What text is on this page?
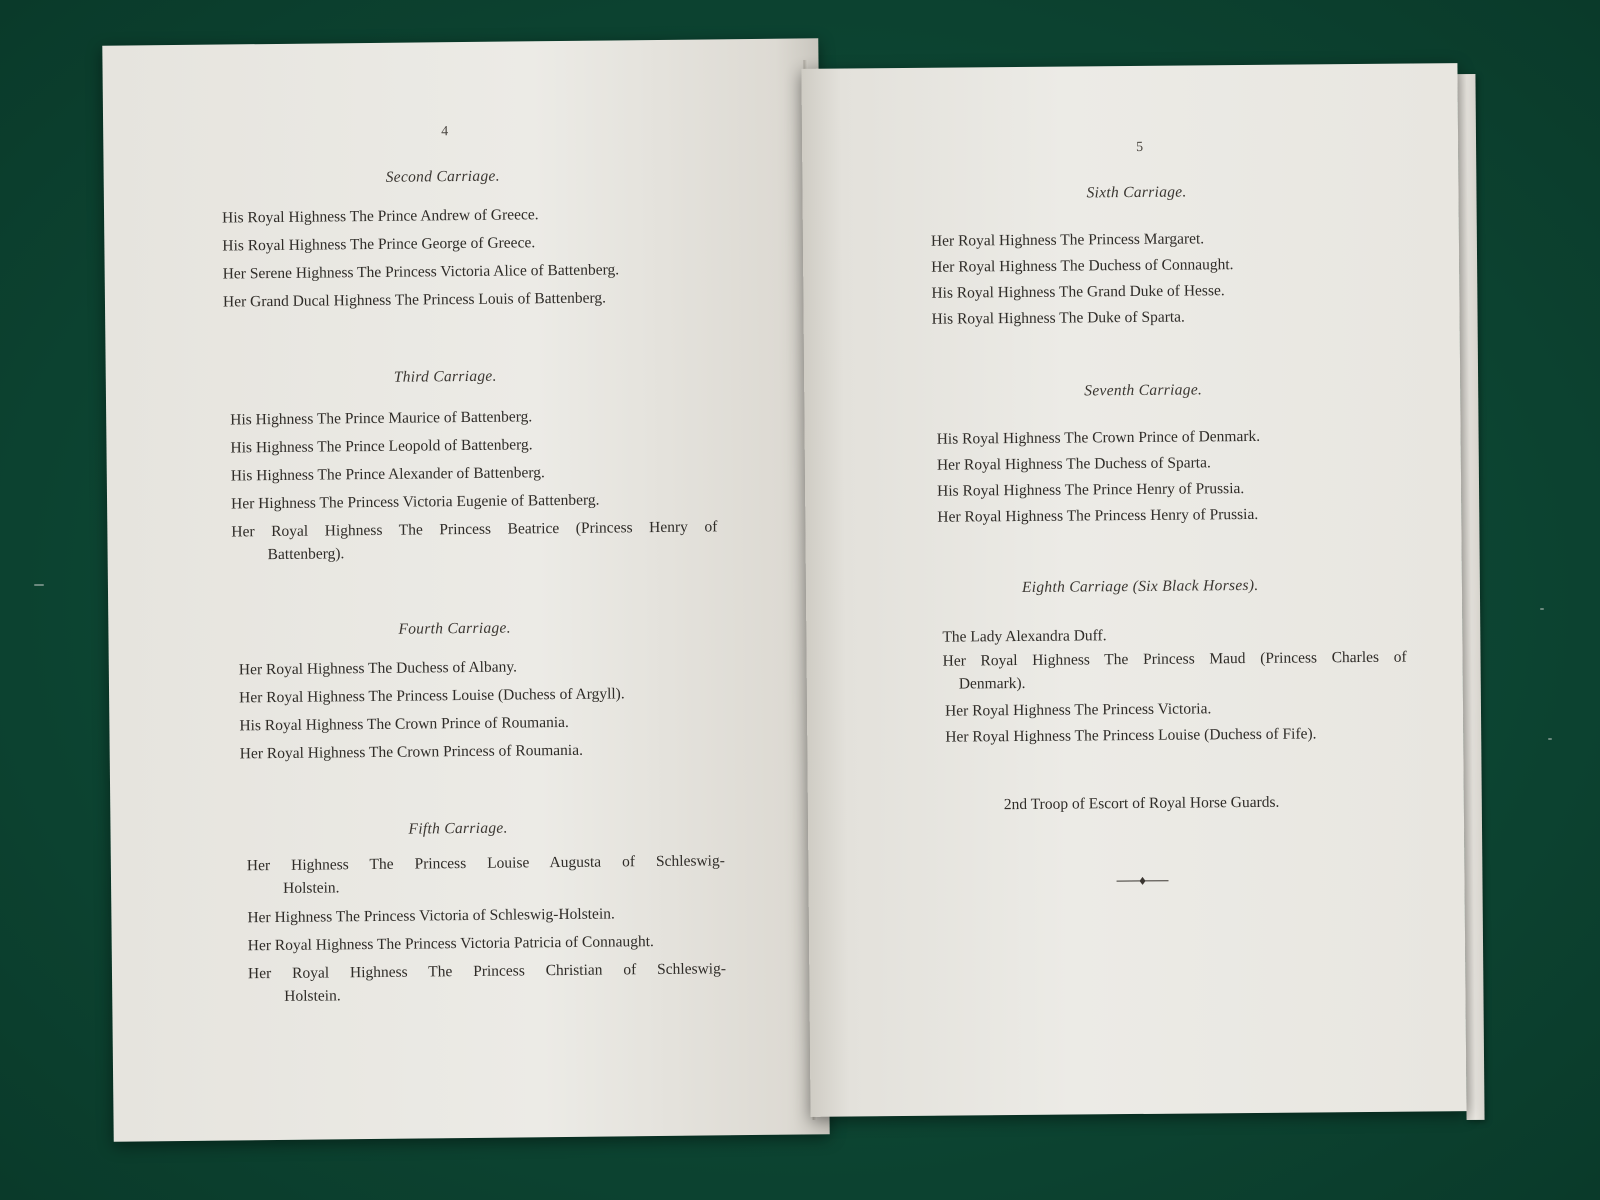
4
Second Carriage.
His Royal Highness The Prince Andrew of Greece.
His Royal Highness The Prince George of Greece.
Her Serene Highness The Princess Victoria Alice of Battenberg.
Her Grand Ducal Highness The Princess Louis of Battenberg.
Third Carriage.
His Highness The Prince Maurice of Battenberg.
His Highness The Prince Leopold of Battenberg.
His Highness The Prince Alexander of Battenberg.
Her Highness The Princess Victoria Eugenie of Battenberg.
Her Royal Highness The Princess Beatrice (Princess Henry of
Battenberg).
Fourth Carriage.
Her Royal Highness The Duchess of Albany.
Her Royal Highness The Princess Louise (Duchess of Argyll).
His Royal Highness The Crown Prince of Roumania.
Her Royal Highness The Crown Princess of Roumania.
Fifth Carriage.
Her Highness The Princess Louise Augusta of Schleswig-
Holstein.
Her Highness The Princess Victoria of Schleswig-Holstein.
Her Royal Highness The Princess Victoria Patricia of Connaught.
Her Royal Highness The Princess Christian of Schleswig-
Holstein.
5
Sixth Carriage.
Her Royal Highness The Princess Margaret.
Her Royal Highness The Duchess of Connaught.
His Royal Highness The Grand Duke of Hesse.
His Royal Highness The Duke of Sparta.
Seventh Carriage.
His Royal Highness The Crown Prince of Denmark.
Her Royal Highness The Duchess of Sparta.
His Royal Highness The Prince Henry of Prussia.
Her Royal Highness The Princess Henry of Prussia.
Eighth Carriage (Six Black Horses).
The Lady Alexandra Duff.
Her Royal Highness The Princess Maud (Princess Charles of
Denmark).
Her Royal Highness The Princess Victoria.
Her Royal Highness The Princess Louise (Duchess of Fife).
2nd Troop of Escort of Royal Horse Guards.
